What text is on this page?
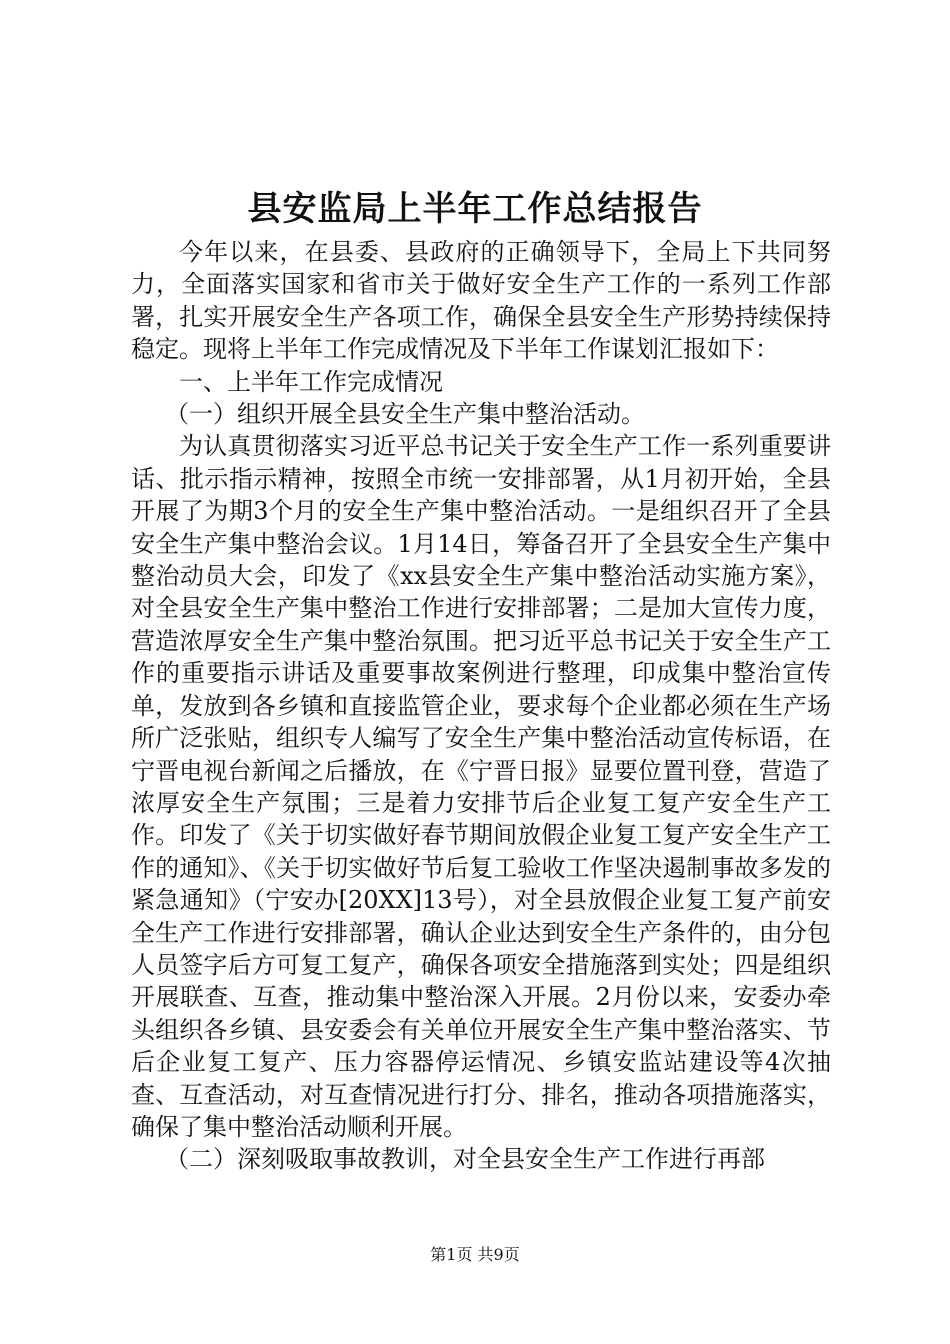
县安监局上半年工作总结报告

今年以来，在县委、县政府的正确领导下，全局上下共同努力，全面落实国家和省市关于做好安全生产工作的一系列工作部署，扎实开展安全生产各项工作，确保全县安全生产形势持续保持稳定。现将上半年工作完成情况及下半年工作谋划汇报如下：

一、上半年工作完成情况

（一）组织开展全县安全生产集中整治活动。

为认真贯彻落实习近平总书记关于安全生产工作一系列重要讲话、批示指示精神，按照全市统一安排部署，从1月初开始，全县开展了为期3个月的安全生产集中整治活动。一是组织召开了全县安全生产集中整治会议。1月14日，筹备召开了全县安全生产集中整治动员大会，印发了《xx县安全生产集中整治活动实施方案》，对全县安全生产集中整治工作进行安排部署；二是加大宣传力度，营造浓厚安全生产集中整治氛围。把习近平总书记关于安全生产工作的重要指示讲话及重要事故案例进行整理，印成集中整治宣传单，发放到各乡镇和直接监管企业，要求每个企业都必须在生产场所广泛张贴，组织专人编写了安全生产集中整治活动宣传标语，在宁晋电视台新闻之后播放，在《宁晋日报》显要位置刊登，营造了浓厚安全生产氛围；三是着力安排节后企业复工复产安全生产工作。印发了《关于切实做好春节期间放假企业复工复产安全生产工作的通知》、《关于切实做好节后复工验收工作坚决遏制事故多发的紧急通知》（宁安办[20XX]13号），对全县放假企业复工复产前安全生产工作进行安排部署，确认企业达到安全生产条件的，由分包人员签字后方可复工复产，确保各项安全措施落到实处；四是组织开展联查、互查，推动集中整治深入开展。2月份以来，安委办牵头组织各乡镇、县安委会有关单位开展安全生产集中整治落实、节后企业复工复产、压力容器停运情况、乡镇安监站建设等4次抽查、互查活动，对互查情况进行打分、排名，推动各项措施落实，确保了集中整治活动顺利开展。

（二）深刻吸取事故教训，对全县安全生产工作进行再部

第1页 共9页
